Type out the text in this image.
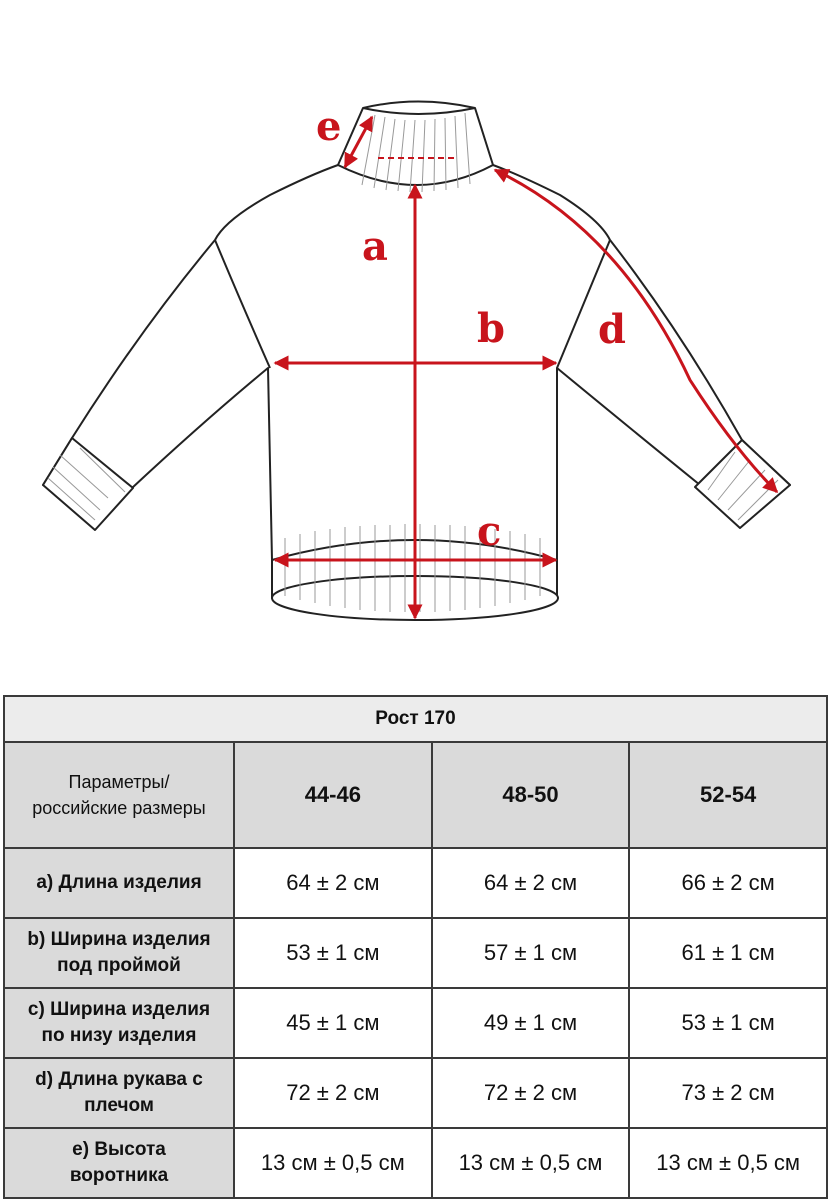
a
b
c
d
e
Рост 170			
Параметры/
российские размеры	44-46	48-50	52-54
a) Длина изделия	64 ± 2 см	64 ± 2 см	66 ± 2 см
b) Ширина изделия
под проймой	53 ± 1 см	57 ± 1 см	61 ± 1 см
c) Ширина изделия
по низу изделия	45 ± 1 см	49 ± 1 см	53 ± 1 см
d) Длина рукава с
плечом	72 ± 2 см	72 ± 2 см	73 ± 2 см
e) Высота
воротника	13 см ± 0,5 см	13 см ± 0,5 см	13 см ± 0,5 см
